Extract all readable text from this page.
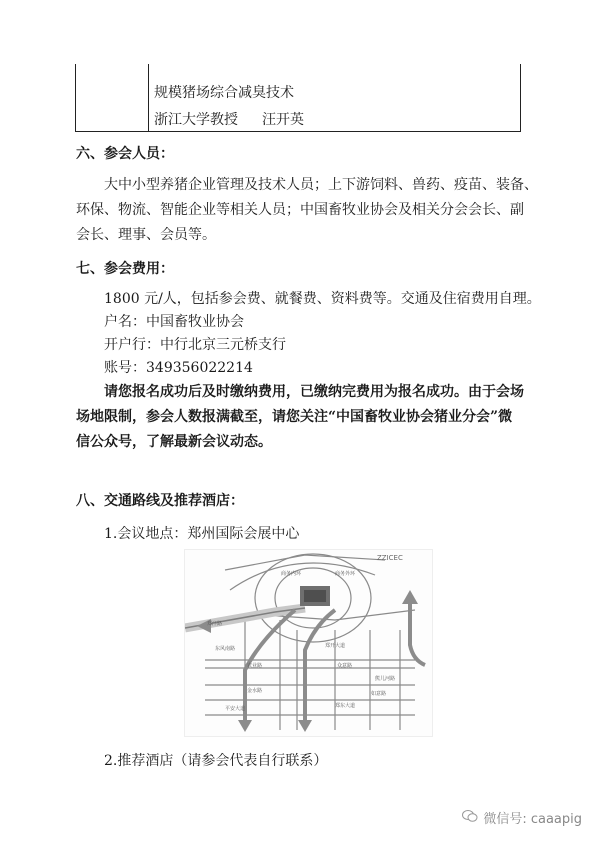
规模猪场综合减臭技术
浙江大学教授 汪开英
六、参会人员：
大中小型养猪企业管理及技术人员；上下游饲料、兽药、疫苗、装备、
环保、物流、智能企业等相关人员；中国畜牧业协会及相关分会会长、副
会长、理事、会员等。
七、参会费用：
1800 元/人，包括参会费、就餐费、资料费等。交通及住宿费用自理。
户名：中国畜牧业协会
开户行：中行北京三元桥支行
账号：349356022214
请您报名成功后及时缴纳费用，已缴纳完费用为报名成功。由于会场
场地限制，参会人数报满截至，请您关注“中国畜牧业协会猪业分会”微
信公众号，了解最新会议动态。
八、交通路线及推荐酒店：
1.会议地点：郑州国际会展中心
ZZICEC
郑汴路
郑开大道
农业路
金水路
商务内环	商务外环
东风南路
郑东大道
熊儿河路
平安大道
众意路
如意路
2.推荐酒店（请参会代表自行联系）
微信号: caaapig
